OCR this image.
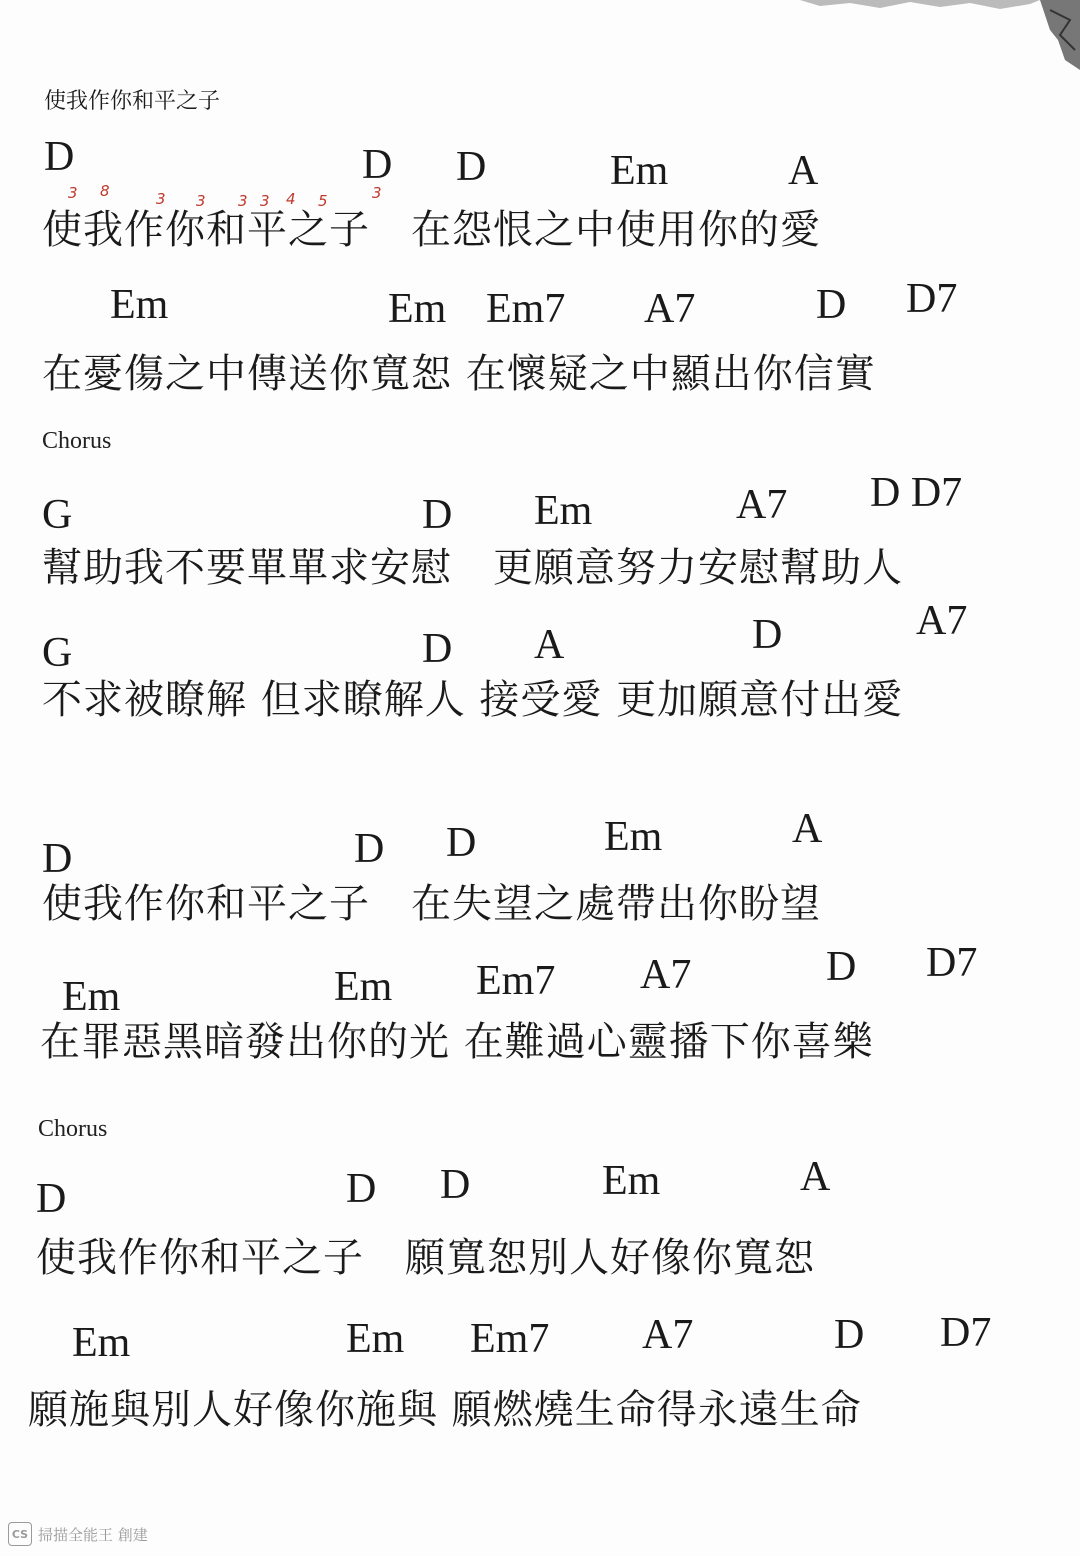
使我作你和平之子
3 8	3 3 3 3 4 5	3
D	D D	Em	A
使我作你和平之子　在怨恨之中使用你的愛
Em	Em Em7 A7	D D7
在憂傷之中傳送你寬恕 在懷疑之中顯出你信實
Chorus
G	D Em	A7 D D7
幫助我不要單單求安慰　更願意努力安慰幫助人
G	D A	D	A7
不求被瞭解 但求瞭解人 接受愛 更加願意付出愛
D	D D	Em	A
使我作你和平之子　在失望之處帶出你盼望
Em	Em Em7 A7	D D7
在罪惡黑暗發出你的光 在難過心靈播下你喜樂
Chorus
D	D D	Em	A
使我作你和平之子　願寬恕別人好像你寬恕
Em	Em Em7 A7	D D7
願施與別人好像你施與 願燃燒生命得永遠生命
CS 掃描全能王 創建
